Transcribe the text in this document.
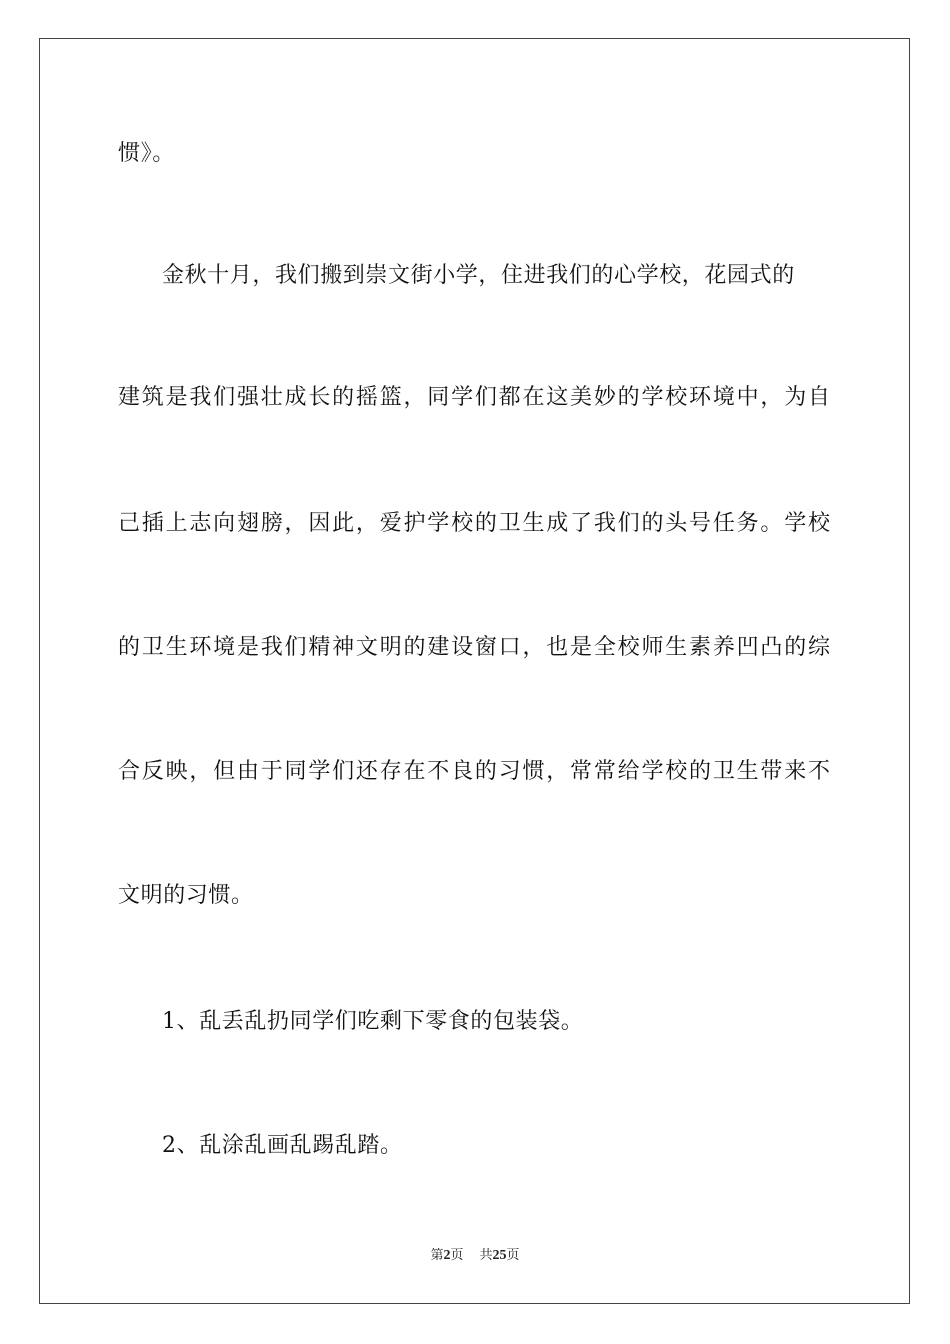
惯》。
金秋十月，我们搬到崇文街小学，住进我们的心学校，花园式的
建筑是我们强壮成长的摇篮，同学们都在这美妙的学校环境中，为自
己插上志向翅膀，因此，爱护学校的卫生成了我们的头号任务。学校
的卫生环境是我们精神文明的建设窗口，也是全校师生素养凹凸的综
合反映，但由于同学们还存在不良的习惯，常常给学校的卫生带来不
文明的习惯。
1、乱丢乱扔同学们吃剩下零食的包装袋。
2、乱涂乱画乱踢乱踏。
第2页 共25页
